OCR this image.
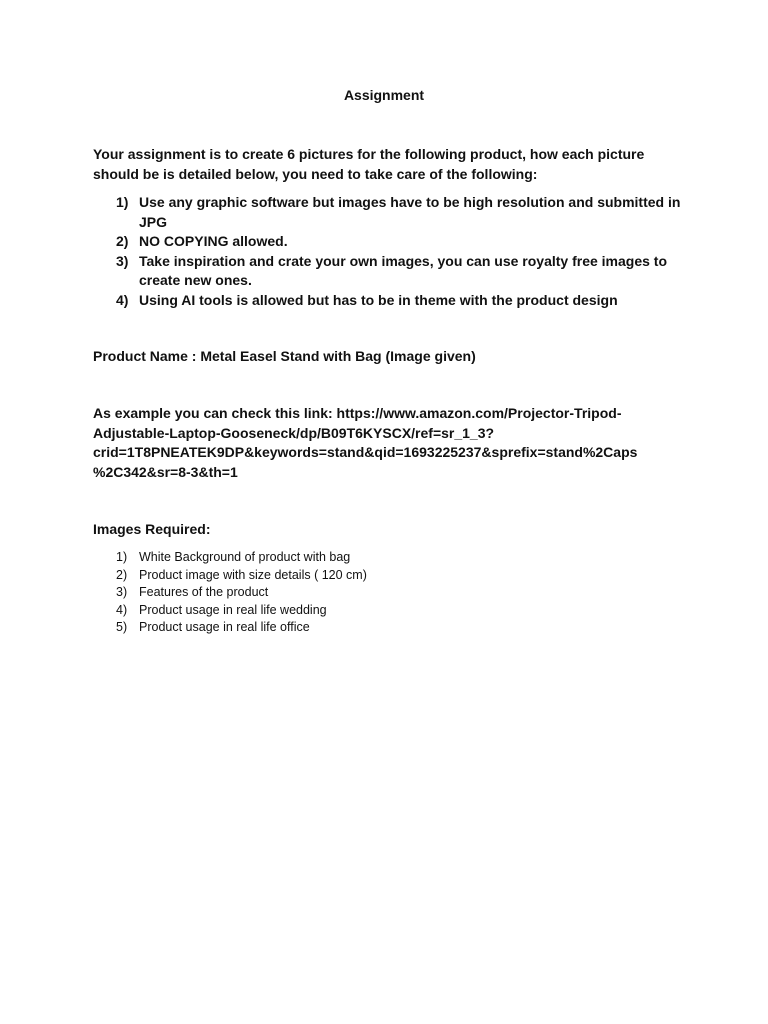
Assignment
Your assignment is to create 6 pictures for the following product, how each picture should be is detailed below, you need to take care of the following:
1) Use any graphic software but images have to be high resolution and submitted in JPG
2) NO COPYING allowed.
3) Take inspiration and crate your own images, you can use royalty free images to create new ones.
4) Using AI tools is allowed but has to be in theme with the product design
Product Name : Metal Easel Stand with Bag (Image given)
As example you can check this link: https://www.amazon.com/Projector-Tripod-
Adjustable-Laptop-Gooseneck/dp/B09T6KYSCX/ref=sr_1_3?
crid=1T8PNEATEK9DP&keywords=stand&qid=1693225237&sprefix=stand%2Caps
%2C342&sr=8-3&th=1
Images Required:
1) White Background of product with bag
2) Product image with size details ( 120 cm)
3) Features of the product
4) Product usage in real life wedding
5) Product usage in real life office
